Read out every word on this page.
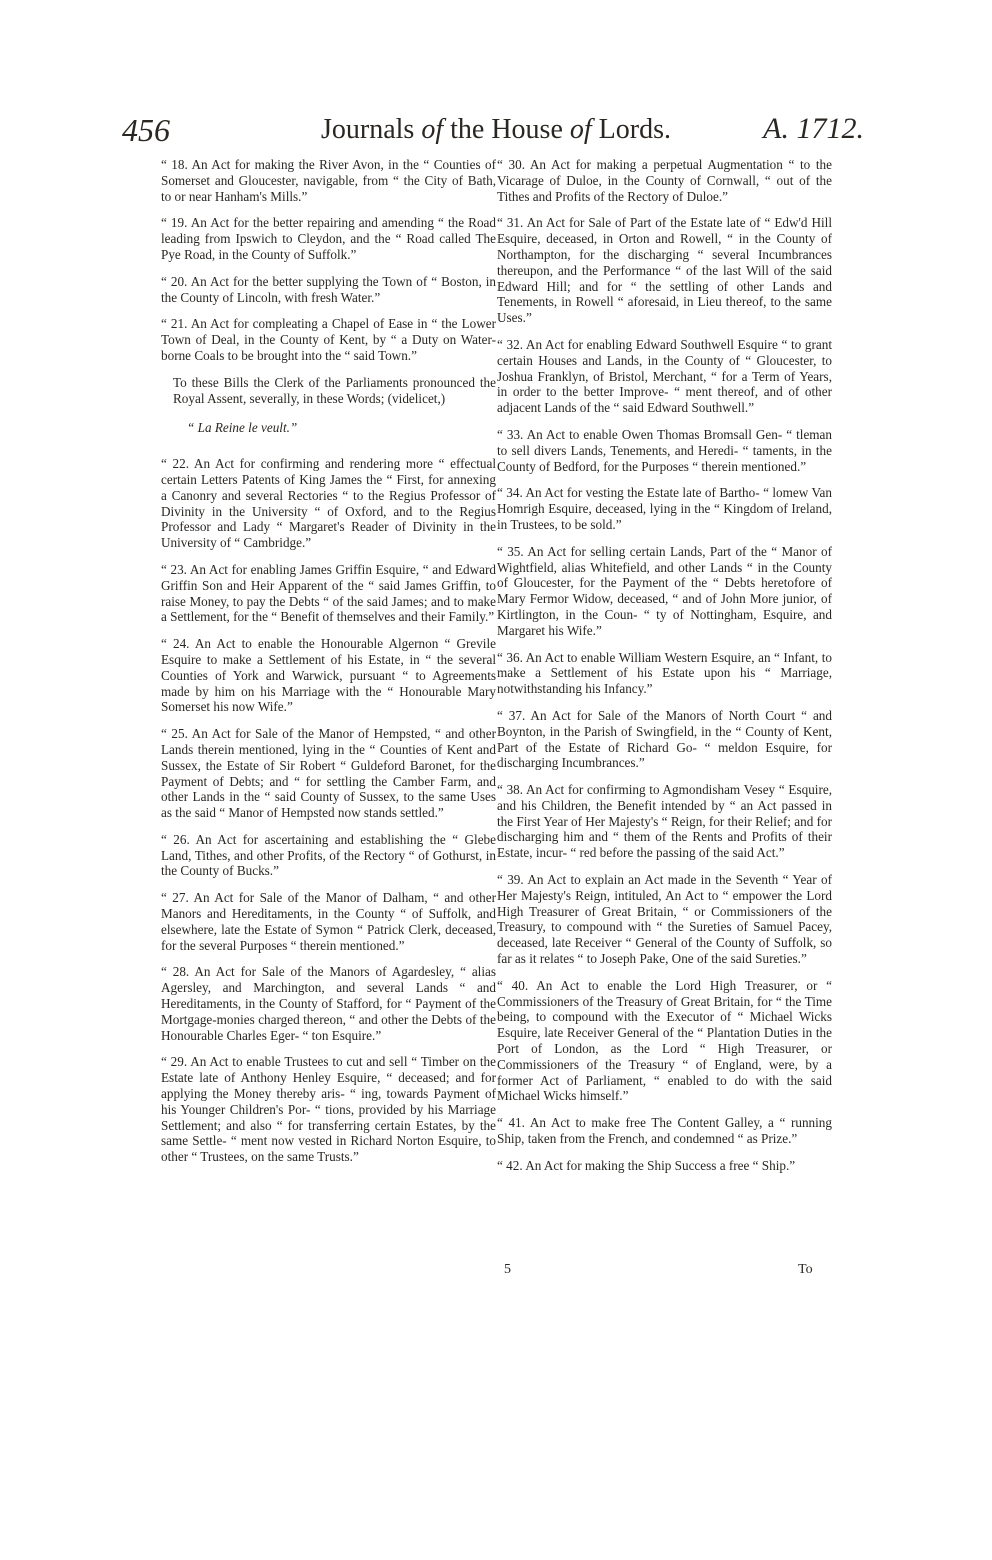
456	Journals of the House of Lords.	A. 1712.

“ 18. An Act for making the River Avon, in the “ Counties of Somerset and Gloucester, navigable, from “ the City of Bath, to or near Hanham's Mills.”

“ 19. An Act for the better repairing and amending “ the Road leading from Ipswich to Cleydon, and the “ Road called The Pye Road, in the County of Suffolk.”

“ 20. An Act for the better supplying the Town of “ Boston, in the County of Lincoln, with fresh Water.”

“ 21. An Act for compleating a Chapel of Ease in “ the Lower Town of Deal, in the County of Kent, by “ a Duty on Water-borne Coals to be brought into the “ said Town.”

To these Bills the Clerk of the Parliaments pronounced the Royal Assent, severally, in these Words; (videlicet,)

“ La Reine le veult.”

“ 22. An Act for confirming and rendering more “ effectual certain Letters Patents of King James the “ First, for annexing a Canonry and several Rectories “ to the Regius Professor of Divinity in the University “ of Oxford, and to the Regius Professor and Lady “ Margaret's Reader of Divinity in the University of “ Cambridge.”

“ 23. An Act for enabling James Griffin Esquire, “ and Edward Griffin Son and Heir Apparent of the “ said James Griffin, to raise Money, to pay the Debts “ of the said James; and to make a Settlement, for the “ Benefit of themselves and their Family.”

“ 24. An Act to enable the Honourable Algernon “ Grevile Esquire to make a Settlement of his Estate, in “ the several Counties of York and Warwick, pursuant “ to Agreements made by him on his Marriage with the “ Honourable Mary Somerset his now Wife.”

“ 25. An Act for Sale of the Manor of Hempsted, “ and other Lands therein mentioned, lying in the “ Counties of Kent and Sussex, the Estate of Sir Robert “ Guldeford Baronet, for the Payment of Debts; and “ for settling the Camber Farm, and other Lands in the “ said County of Sussex, to the same Uses as the said “ Manor of Hempsted now stands settled.”

“ 26. An Act for ascertaining and establishing the “ Glebe Land, Tithes, and other Profits, of the Rectory “ of Gothurst, in the County of Bucks.”

“ 27. An Act for Sale of the Manor of Dalham, “ and other Manors and Hereditaments, in the County “ of Suffolk, and elsewhere, late the Estate of Symon “ Patrick Clerk, deceased, for the several Purposes “ therein mentioned.”

“ 28. An Act for Sale of the Manors of Agardesley, “ alias Agersley, and Marchington, and several Lands “ and Hereditaments, in the County of Stafford, for “ Payment of the Mortgage-monies charged thereon, “ and other the Debts of the Honourable Charles Eger- “ ton Esquire.”

“ 29. An Act to enable Trustees to cut and sell “ Timber on the Estate late of Anthony Henley Esquire, “ deceased; and for applying the Money thereby aris- “ ing, towards Payment of his Younger Children's Por- “ tions, provided by his Marriage Settlement; and also “ for transferring certain Estates, by the same Settle- “ ment now vested in Richard Norton Esquire, to other “ Trustees, on the same Trusts.”

“ 30. An Act for making a perpetual Augmentation “ to the Vicarage of Duloe, in the County of Cornwall, “ out of the Tithes and Profits of the Rectory of Duloe.”

“ 31. An Act for Sale of Part of the Estate late of “ Edw'd Hill Esquire, deceased, in Orton and Rowell, “ in the County of Northampton, for the discharging “ several Incumbrances thereupon, and the Performance “ of the last Will of the said Edward Hill; and for “ the settling of other Lands and Tenements, in Rowell “ aforesaid, in Lieu thereof, to the same Uses.”

“ 32. An Act for enabling Edward Southwell Esquire “ to grant certain Houses and Lands, in the County of “ Gloucester, to Joshua Franklyn, of Bristol, Merchant, “ for a Term of Years, in order to the better Improve- “ ment thereof, and of other adjacent Lands of the “ said Edward Southwell.”

“ 33. An Act to enable Owen Thomas Bromsall Gen- “ tleman to sell divers Lands, Tenements, and Heredi- “ taments, in the County of Bedford, for the Purposes “ therein mentioned.”

“ 34. An Act for vesting the Estate late of Bartho- “ lomew Van Homrigh Esquire, deceased, lying in the “ Kingdom of Ireland, in Trustees, to be sold.”

“ 35. An Act for selling certain Lands, Part of the “ Manor of Wightfield, alias Whitefield, and other Lands “ in the County of Gloucester, for the Payment of the “ Debts heretofore of Mary Fermor Widow, deceased, “ and of John More junior, of Kirtlington, in the Coun- “ ty of Nottingham, Esquire, and Margaret his Wife.”

“ 36. An Act to enable William Western Esquire, an “ Infant, to make a Settlement of his Estate upon his “ Marriage, notwithstanding his Infancy.”

“ 37. An Act for Sale of the Manors of North Court “ and Boynton, in the Parish of Swingfield, in the “ County of Kent, Part of the Estate of Richard Go- “ meldon Esquire, for discharging Incumbrances.”

“ 38. An Act for confirming to Agmondisham Vesey “ Esquire, and his Children, the Benefit intended by “ an Act passed in the First Year of Her Majesty's “ Reign, for their Relief; and for discharging him and “ them of the Rents and Profits of their Estate, incur- “ red before the passing of the said Act.”

“ 39. An Act to explain an Act made in the Seventh “ Year of Her Majesty's Reign, intituled, An Act to “ empower the Lord High Treasurer of Great Britain, “ or Commissioners of the Treasury, to compound with “ the Sureties of Samuel Pacey, deceased, late Receiver “ General of the County of Suffolk, so far as it relates “ to Joseph Pake, One of the said Sureties.”

“ 40. An Act to enable the Lord High Treasurer, or “ Commissioners of the Treasury of Great Britain, for “ the Time being, to compound with the Executor of “ Michael Wicks Esquire, late Receiver General of the “ Plantation Duties in the Port of London, as the Lord “ High Treasurer, or Commissioners of the Treasury “ of England, were, by a former Act of Parliament, “ enabled to do with the said Michael Wicks himself.”

“ 41. An Act to make free The Content Galley, a “ running Ship, taken from the French, and condemned “ as Prize.”

“ 42. An Act for making the Ship Success a free “ Ship.”

5	To
